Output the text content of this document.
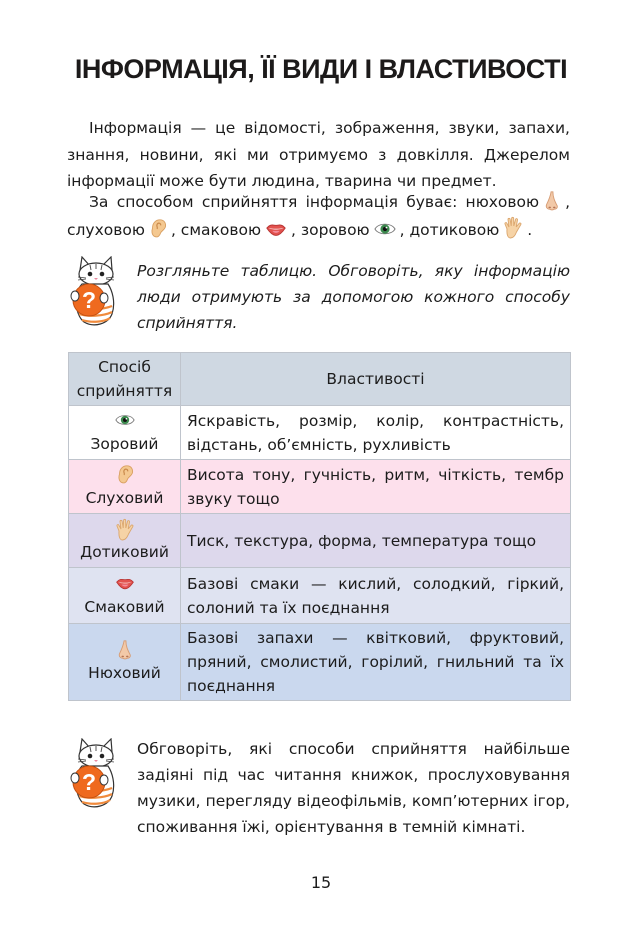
ІНФОРМАЦІЯ, ЇЇ ВИДИ І ВЛАСТИВОСТІ

Інформація — це відомості, зображення, звуки, запахи, знання, новини, які ми отримуємо з довкілля. Джерелом інформації може бути людина, тварина чи предмет.

За способом сприйняття інформація буває: нюховою , слуховою , смаковою , зоровою , дотиковою .

Розгляньте таблицю. Обговоріть, яку інформацію люди отримують за допомогою кожного способу сприйняття.

Спосіб сприйняття	Властивості

Зоровий	Яскравість, розмір, колір, контрастність, відстань, об’ємність, рухливість

Слуховий	Висота тону, гучність, ритм, чіткість, тембр звуку тощо

Дотиковий	Тиск, текстура, форма, температура тощо

Смаковий	Базові смаки — кислий, солодкий, гіркий, солоний та їх поєднання

Нюховий	Базові запахи — квітковий, фруктовий, пряний, смолистий, горілий, гнильний та їх поєднання

Обговоріть, які способи сприйняття найбільше задіяні під час читання книжок, прослуховування музики, перегляду відеофільмів, комп’ютерних ігор, споживання їжі, орієнтування в темній кімнаті.

15
